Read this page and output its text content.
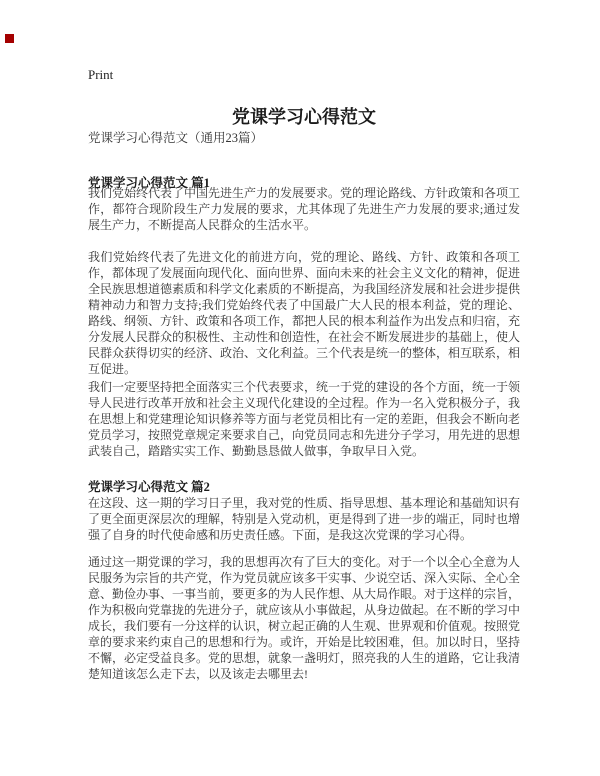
Print
党课学习心得范文
党课学习心得范文（通用23篇）
党课学习心得范文 篇1

我们党始终代表了中国先进生产力的发展要求。党的理论路线、方针政策和各项工作，都符合现阶段生产力发展的要求，尤其体现了先进生产力发展的要求;通过发展生产力，不断提高人民群众的生活水平。

我们党始终代表了先进文化的前进方向，党的理论、路线、方针、政策和各项工作，都体现了发展面向现代化、面向世界、面向未来的社会主义文化的精神，促进全民族思想道德素质和科学文化素质的不断提高，为我国经济发展和社会进步提供精神动力和智力支持;我们党始终代表了中国最广大人民的根本利益，党的理论、路线、纲领、方针、政策和各项工作，都把人民的根本利益作为出发点和归宿，充分发展人民群众的积极性、主动性和创造性，在社会不断发展进步的基础上，使人民群众获得切实的经济、政治、文化利益。三个代表是统一的整体，相互联系，相互促进。

我们一定要坚持把全面落实三个代表要求，统一于党的建设的各个方面，统一于领导人民进行改革开放和社会主义现代化建设的全过程。作为一名入党积极分子，我在思想上和党建理论知识修养等方面与老党员相比有一定的差距，但我会不断向老党员学习，按照党章规定来要求自己，向党员同志和先进分子学习，用先进的思想武装自己，踏踏实实工作、勤勤恳恳做人做事，争取早日入党。

党课学习心得范文 篇2

在这段、这一期的学习日子里，我对党的性质、指导思想、基本理论和基础知识有了更全面更深层次的理解，特别是入党动机，更是得到了进一步的端正，同时也增强了自身的时代使命感和历史责任感。下面，是我这次党课的学习心得。

通过这一期党课的学习，我的思想再次有了巨大的变化。对于一个以全心全意为人民服务为宗旨的共产党，作为党员就应该多干实事、少说空话、深入实际、全心全意、勤俭办事、一事当前，要更多的为人民作想、从大局作眼。对于这样的宗旨，作为积极向党靠拢的先进分子，就应该从小事做起，从身边做起。在不断的学习中成长，我们要有一分这样的认识，树立起正确的人生观、世界观和价值观。按照党章的要求来约束自己的思想和行为。或许，开始是比较困难，但。加以时日，坚持不懈，必定受益良多。党的思想，就象一盏明灯，照亮我的人生的道路，它让我清楚知道该怎么走下去，以及该走去哪里去!
